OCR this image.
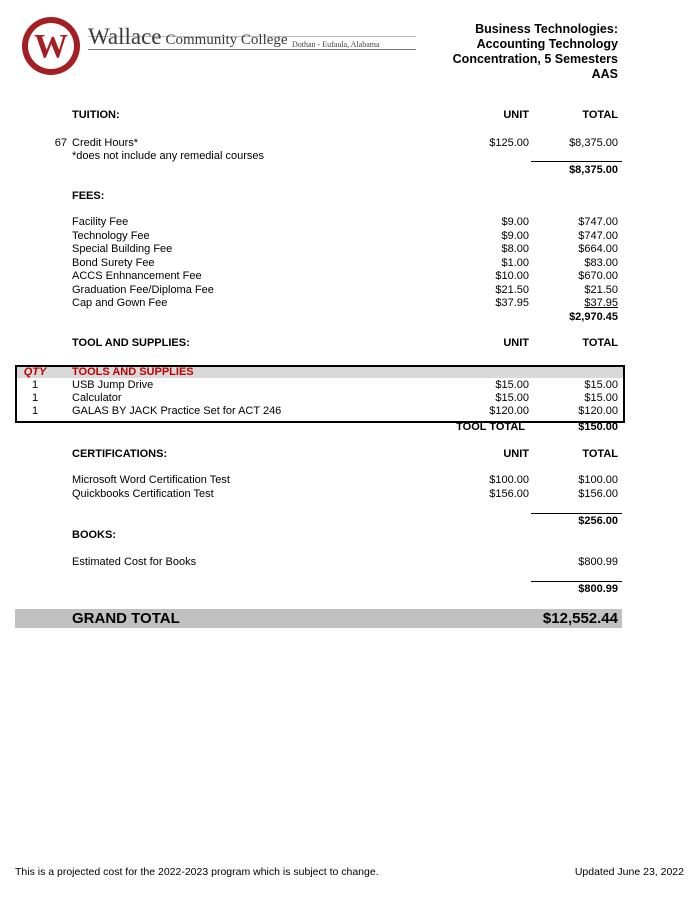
W Wallace Community College Dothan - Eufaula, Alabama
Business Technologies:
Accounting Technology
Concentration, 5 Semesters
AAS
TUITION:	UNIT	TOTAL
67 Credit Hours*	$125.00	$8,375.00
*does not include any remedial courses
$8,375.00
FEES:
Facility Fee	$9.00	$747.00
Technology Fee	$9.00	$747.00
Special Building Fee	$8.00	$664.00
Bond Surety Fee	$1.00	$83.00
ACCS Enhnancement Fee	$10.00	$670.00
Graduation Fee/Diploma Fee	$21.50	$21.50
Cap and Gown Fee	$37.95	$37.95
$2,970.45
TOOL AND SUPPLIES:	UNIT	TOTAL
QTY	TOOLS AND SUPPLIES
1	USB Jump Drive	$15.00	$15.00
1	Calculator	$15.00	$15.00
1	GALAS BY JACK Practice Set for ACT 246	$120.00	$120.00
TOOL TOTAL	$150.00
CERTIFICATIONS:	UNIT	TOTAL
Microsoft Word Certification Test	$100.00	$100.00
Quickbooks Certification Test	$156.00	$156.00
$256.00
BOOKS:
Estimated Cost for Books	$800.99
$800.99
GRAND TOTAL	$12,552.44
This is a projected cost for the 2022-2023 program which is subject to change.	Updated June 23, 2022
